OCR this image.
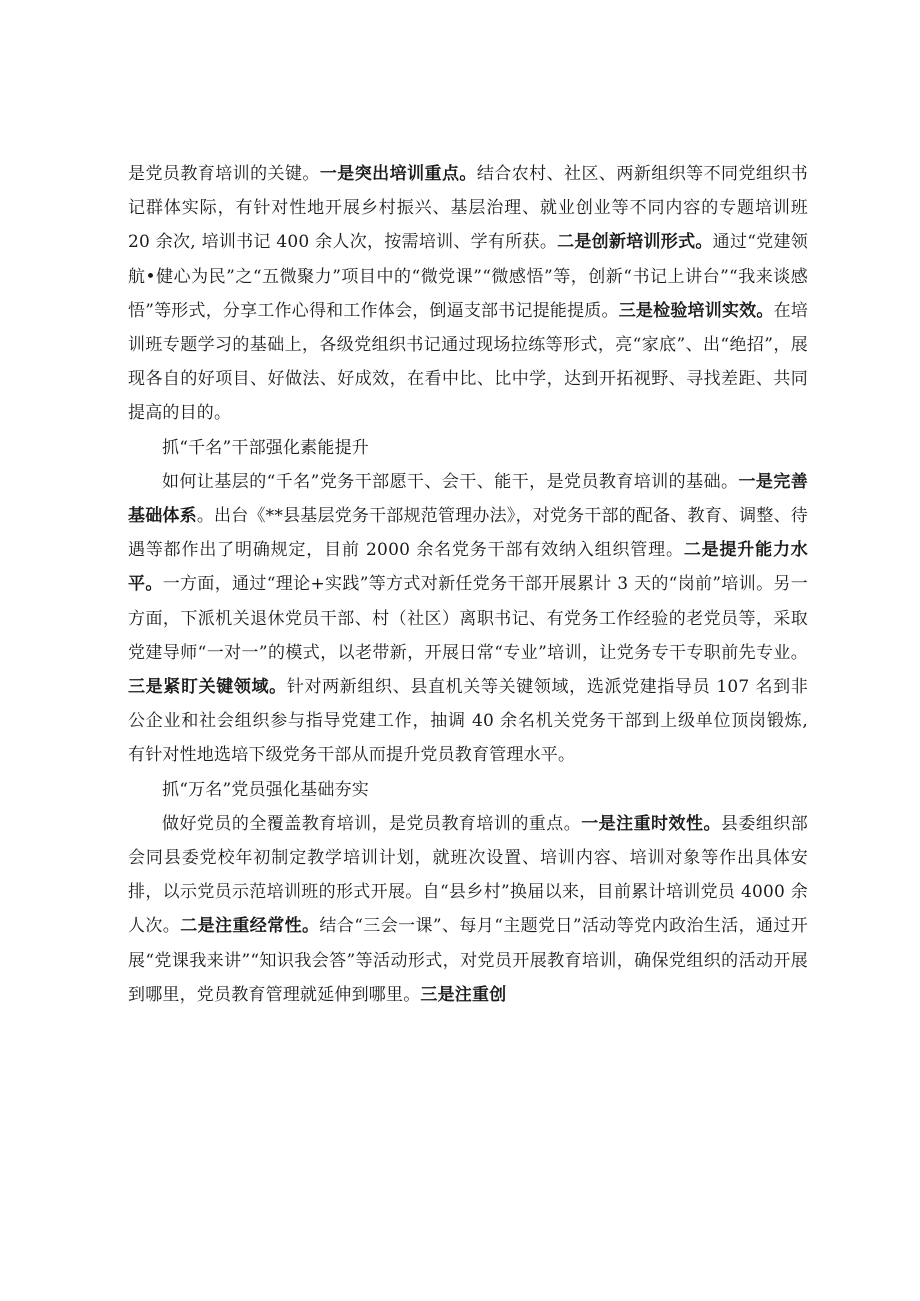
是党员教育培训的关键。一是突出培训重点。结合农村、社区、两新组织等不同党组织书记群体实际，有针对性地开展乡村振兴、基层治理、就业创业等不同内容的专题培训班 20 余次, 培训书记 400 余人次，按需培训、学有所获。二是创新培训形式。通过“党建领航•健心为民”之“五微聚力”项目中的“微党课”“微感悟”等，创新“书记上讲台”“我来谈感悟”等形式，分享工作心得和工作体会，倒逼支部书记提能提质。三是检验培训实效。在培训班专题学习的基础上，各级党组织书记通过现场拉练等形式，亮“家底”、出“绝招”，展现各自的好项目、好做法、好成效，在看中比、比中学，达到开拓视野、寻找差距、共同提高的目的。

抓“千名”干部强化素能提升

如何让基层的“千名”党务干部愿干、会干、能干，是党员教育培训的基础。一是完善基础体系。出台《**县基层党务干部规范管理办法》，对党务干部的配备、教育、调整、待遇等都作出了明确规定，目前 2000 余名党务干部有效纳入组织管理。二是提升能力水平。一方面，通过“理论+实践”等方式对新任党务干部开展累计 3 天的“岗前”培训。另一方面，下派机关退休党员干部、村（社区）离职书记、有党务工作经验的老党员等，采取党建导师“一对一”的模式，以老带新，开展日常“专业”培训，让党务专干专职前先专业。三是紧盯关键领域。针对两新组织、县直机关等关键领域，选派党建指导员 107 名到非公企业和社会组织参与指导党建工作，抽调 40 余名机关党务干部到上级单位顶岗锻炼, 有针对性地选培下级党务干部从而提升党员教育管理水平。

抓“万名”党员强化基础夯实

做好党员的全覆盖教育培训，是党员教育培训的重点。一是注重时效性。县委组织部会同县委党校年初制定教学培训计划，就班次设置、培训内容、培训对象等作出具体安排，以示党员示范培训班的形式开展。自“县乡村”换届以来，目前累计培训党员 4000 余人次。二是注重经常性。结合“三会一课”、每月“主题党日”活动等党内政治生活，通过开展“党课我来讲”“知识我会答”等活动形式，对党员开展教育培训，确保党组织的活动开展到哪里，党员教育管理就延伸到哪里。三是注重创
